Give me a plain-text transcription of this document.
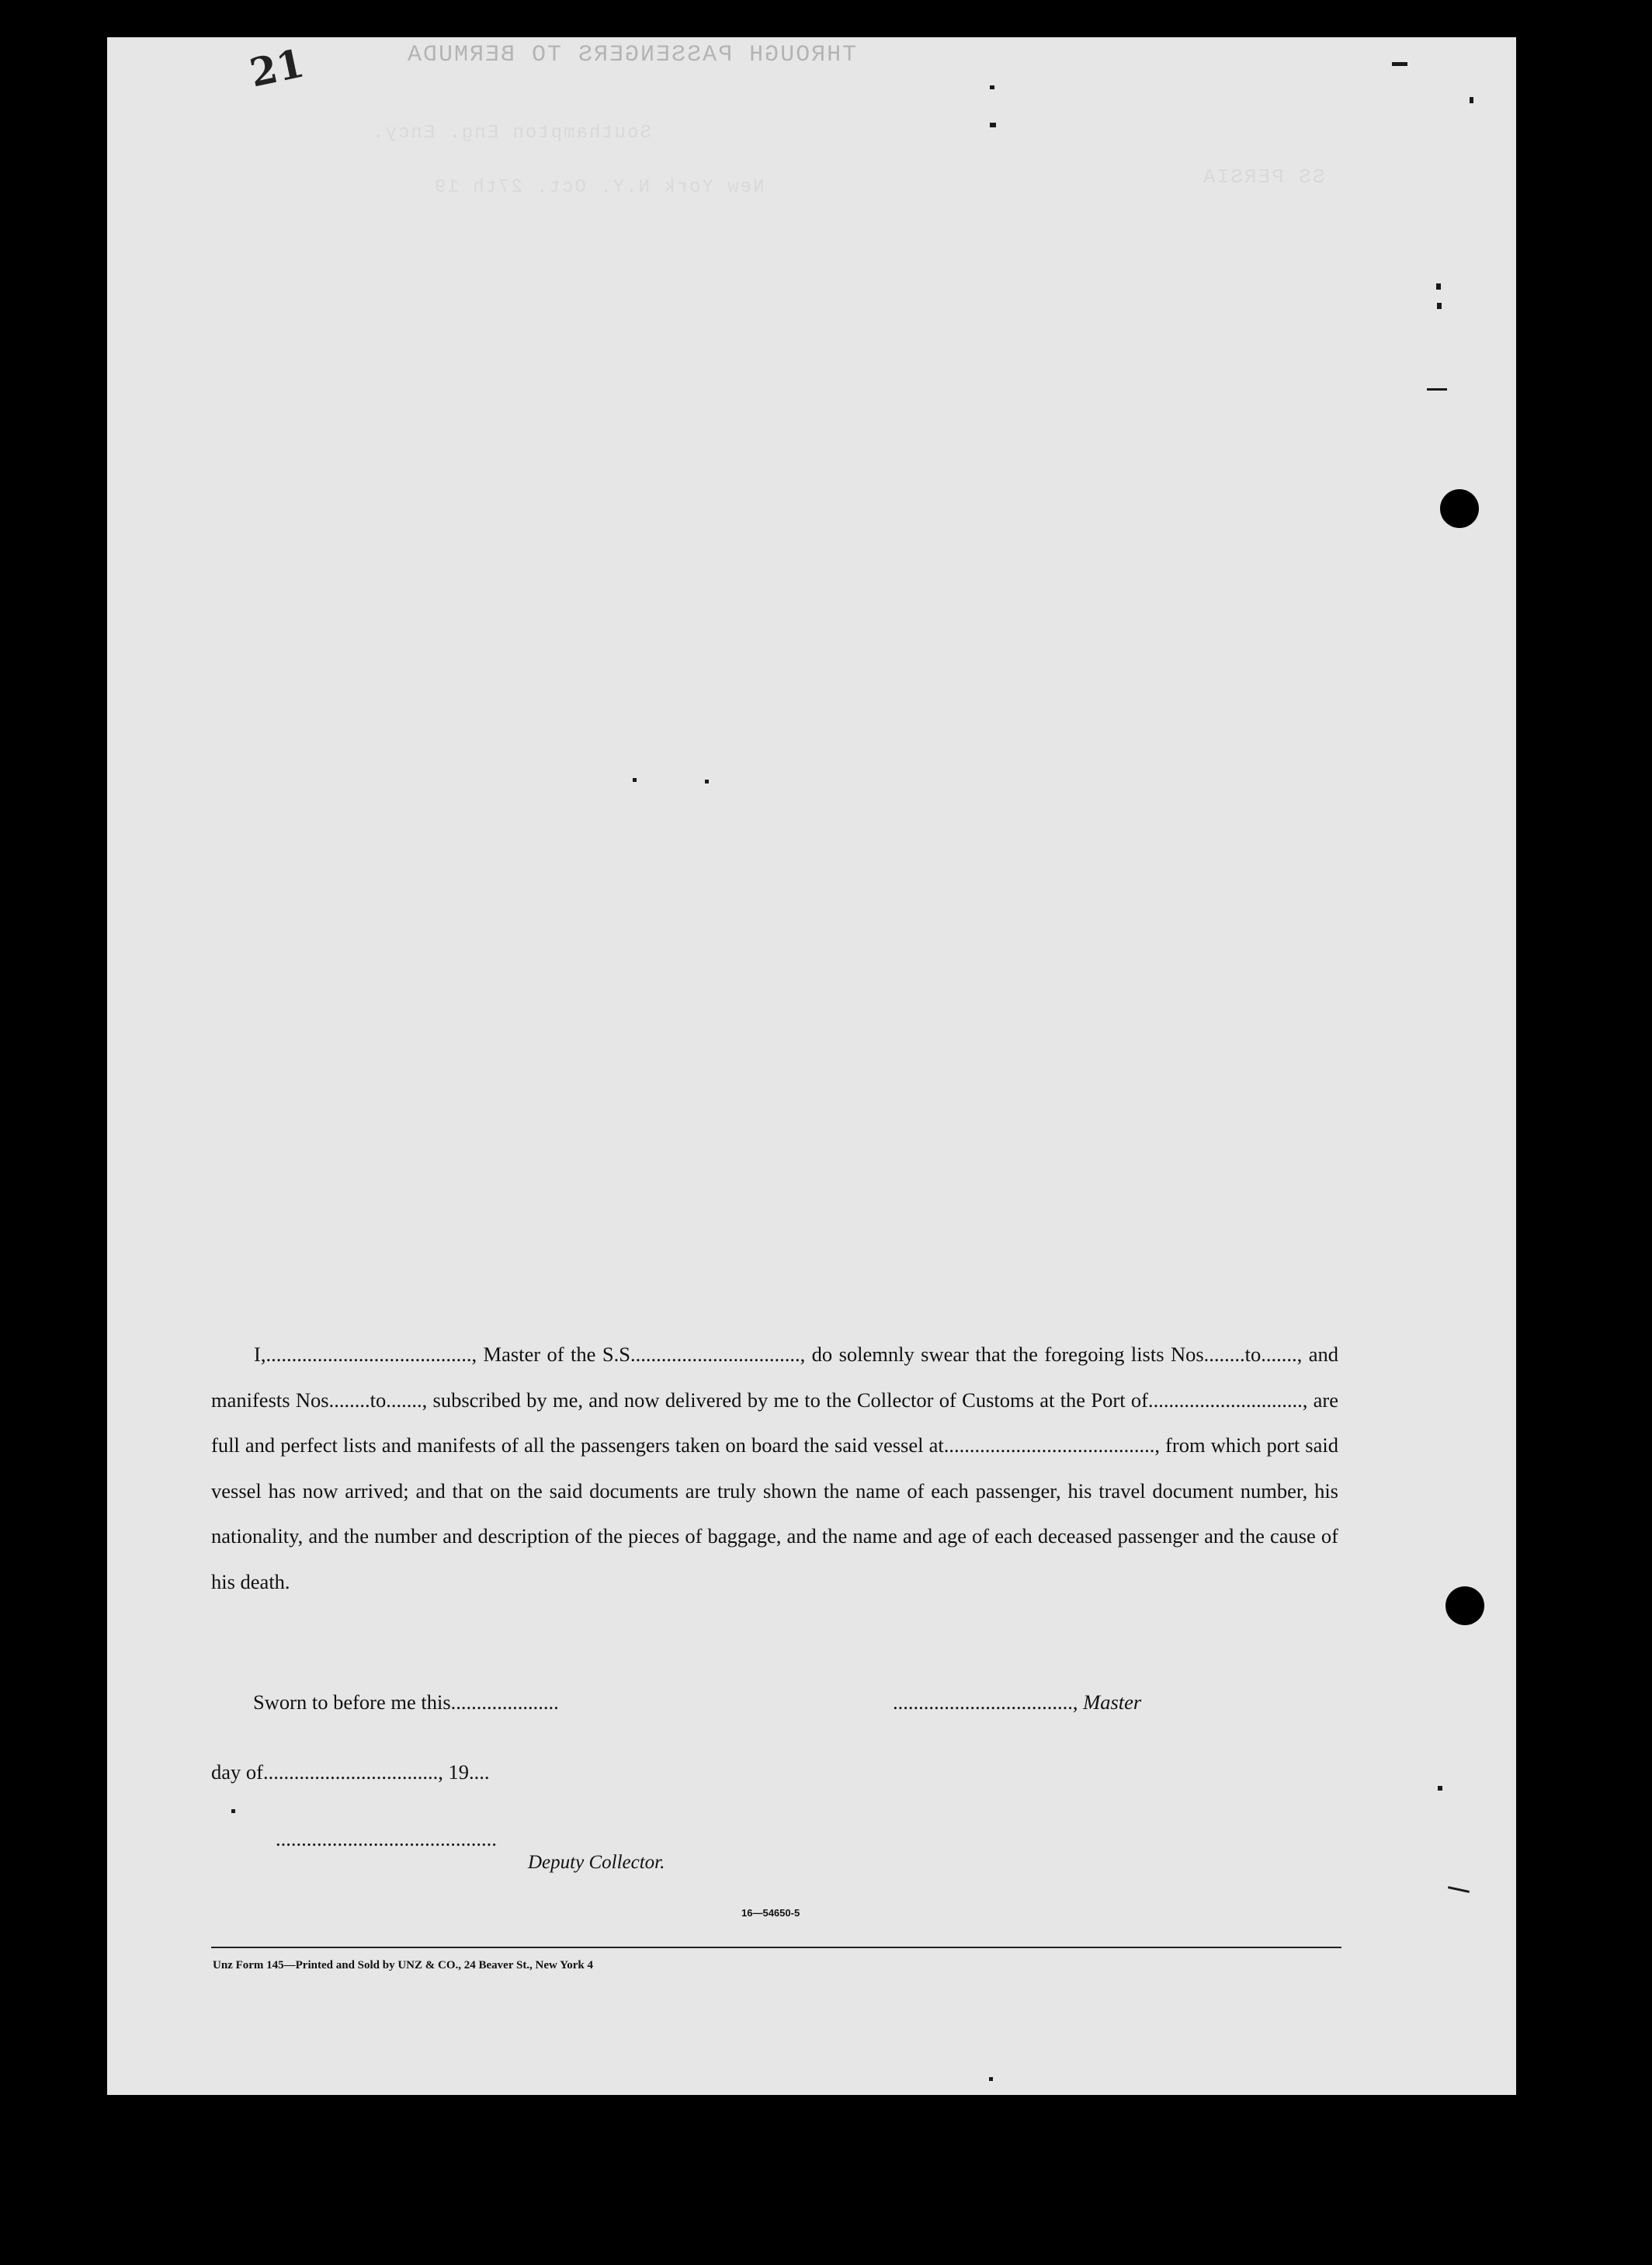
THROUGH PASSENGERS TO BERMUDA
Southampton Eng. Ency.
New York N.Y. Oct. 27th 19	SS PERSIA
21

I,........................................, Master of the S.S................................., do solemnly swear that the foregoing lists Nos........to......., and manifests Nos........to......., subscribed by me, and now delivered by me to the Collector of Customs at the Port of.............................., are full and perfect lists and manifests of all the passengers taken on board the said vessel at........................................., from which port said vessel has now arrived; and that on the said documents are truly shown the name of each passenger, his travel document number, his nationality, and the number and description of the pieces of baggage, and the name and age of each deceased passenger and the cause of his death.

Sworn to before me this.....................	..................................., Master
day of.................................., 19....
...........................................
Deputy Collector.
16—54650-5
Unz Form 145—Printed and Sold by UNZ & CO., 24 Beaver St., New York 4
